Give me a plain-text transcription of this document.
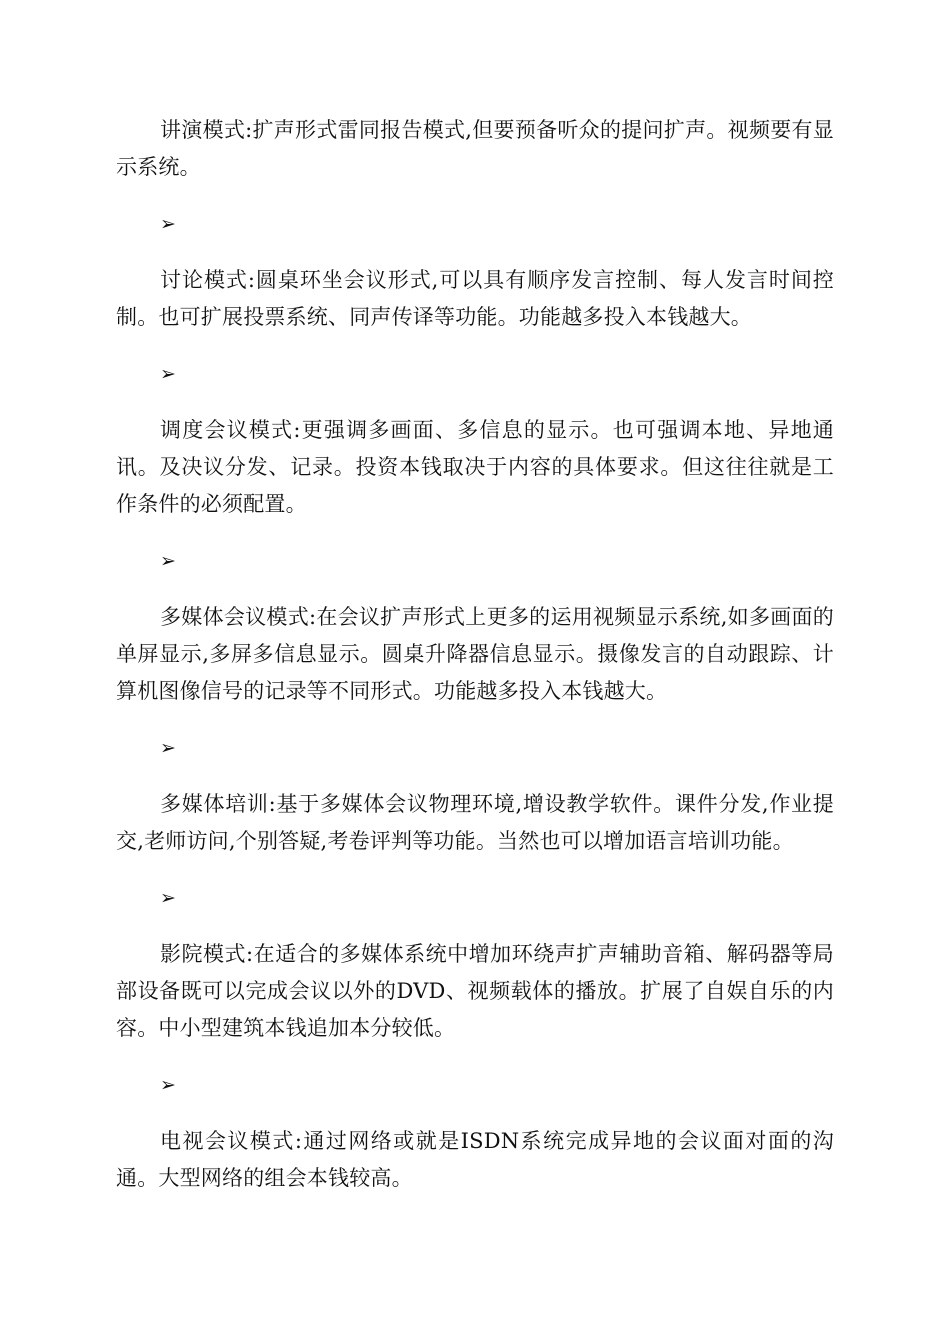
讲演模式:扩声形式雷同报告模式,但要预备听众的提问扩声。视频要有显示系统。

➢

讨论模式:圆桌环坐会议形式,可以具有顺序发言控制、每人发言时间控制。也可扩展投票系统、同声传译等功能。功能越多投入本钱越大。

➢

调度会议模式:更强调多画面、多信息的显示。也可强调本地、异地通讯。及决议分发、记录。投资本钱取决于内容的具体要求。但这往往就是工作条件的必须配置。

➢

多媒体会议模式:在会议扩声形式上更多的运用视频显示系统,如多画面的单屏显示,多屏多信息显示。圆桌升降器信息显示。摄像发言的自动跟踪、计算机图像信号的记录等不同形式。功能越多投入本钱越大。

➢

多媒体培训:基于多媒体会议物理环境,增设教学软件。课件分发,作业提交,老师访问,个别答疑,考卷评判等功能。当然也可以增加语言培训功能。

➢

影院模式:在适合的多媒体系统中增加环绕声扩声辅助音箱、解码器等局部设备既可以完成会议以外的DVD、视频载体的播放。扩展了自娱自乐的内容。中小型建筑本钱追加本分较低。

➢

电视会议模式:通过网络或就是ISDN系统完成异地的会议面对面的沟通。大型网络的组会本钱较高。
